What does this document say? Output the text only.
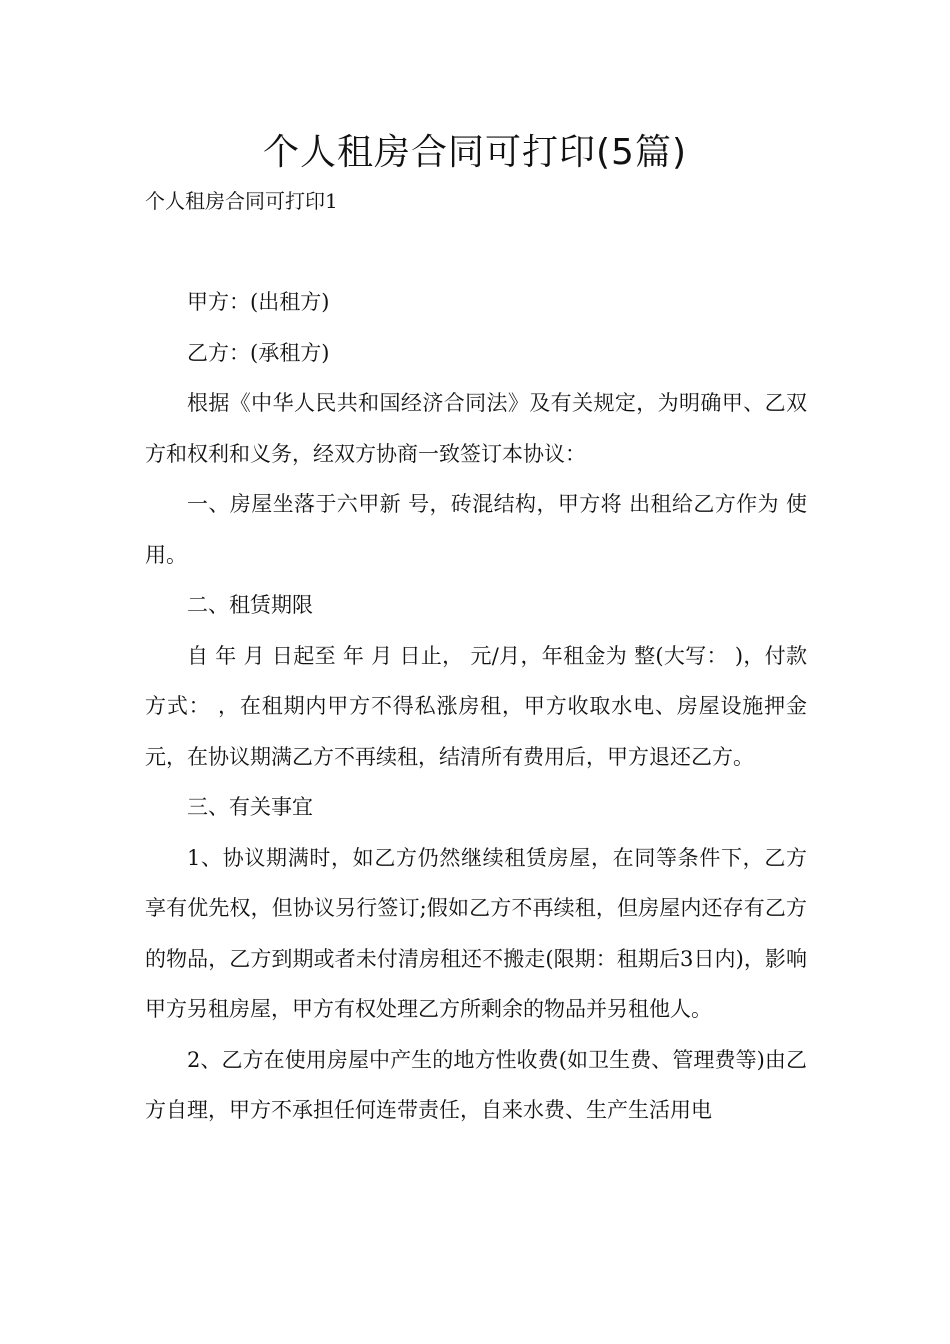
个人租房合同可打印(5篇)
个人租房合同可打印1

甲方：(出租方)

乙方：(承租方)

根据《中华人民共和国经济合同法》及有关规定，为明确甲、乙双方和权利和义务，经双方协商一致签订本协议：

一、房屋坐落于六甲新 号，砖混结构，甲方将 出租给乙方作为 使用。

二、租赁期限

自 年 月 日起至 年 月 日止， 元/月，年租金为 整(大写： )，付款方式： ，在租期内甲方不得私涨房租，甲方收取水电、房屋设施押金 元，在协议期满乙方不再续租，结清所有费用后，甲方退还乙方。

三、有关事宜

1、协议期满时，如乙方仍然继续租赁房屋，在同等条件下，乙方享有优先权，但协议另行签订;假如乙方不再续租，但房屋内还存有乙方的物品，乙方到期或者未付清房租还不搬走(限期：租期后3日内)，影响甲方另租房屋，甲方有权处理乙方所剩余的物品并另租他人。

2、乙方在使用房屋中产生的地方性收费(如卫生费、管理费等)由乙方自理，甲方不承担任何连带责任，自来水费、生产生活用电
